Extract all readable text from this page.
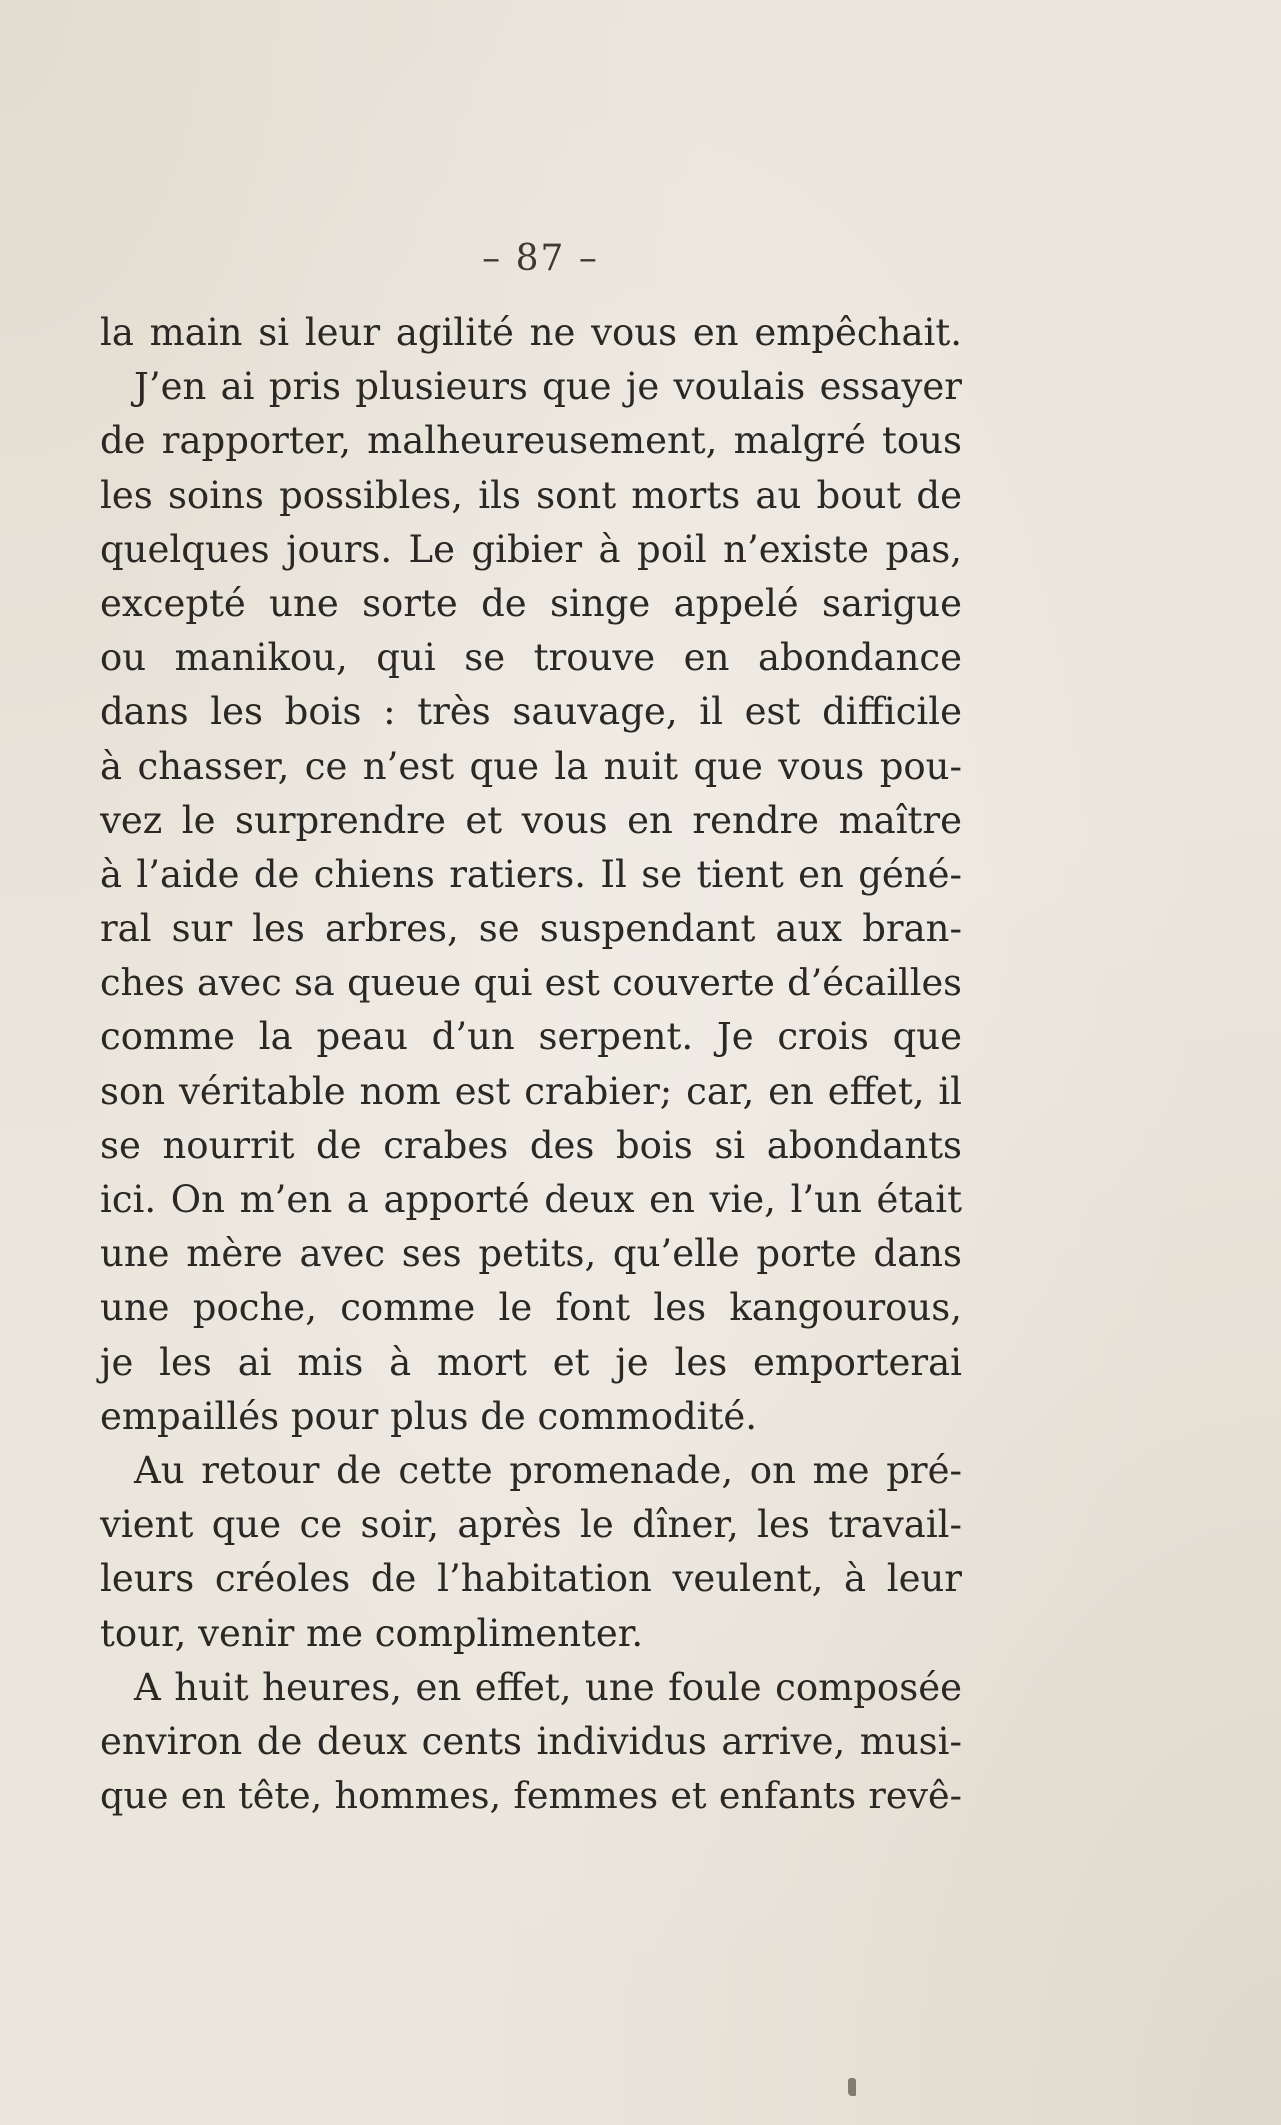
– 87 –
la main si leur agilité ne vous en empêchait.
J’en ai pris plusieurs que je voulais essayer
de rapporter, malheureusement, malgré tous
les soins possibles, ils sont morts au bout de
quelques jours. Le gibier à poil n’existe pas,
excepté une sorte de singe appelé sarigue
ou manikou, qui se trouve en abondance
dans les bois : très sauvage, il est difficile
à chasser, ce n’est que la nuit que vous pou-
vez le surprendre et vous en rendre maître
à l’aide de chiens ratiers. Il se tient en géné-
ral sur les arbres, se suspendant aux bran-
ches avec sa queue qui est couverte d’écailles
comme la peau d’un serpent. Je crois que
son véritable nom est crabier; car, en effet, il
se nourrit de crabes des bois si abondants
ici. On m’en a apporté deux en vie, l’un était
une mère avec ses petits, qu’elle porte dans
une poche, comme le font les kangourous,
je les ai mis à mort et je les emporterai
empaillés pour plus de commodité.
Au retour de cette promenade, on me pré-
vient que ce soir, après le dîner, les travail-
leurs créoles de l’habitation veulent, à leur
tour, venir me complimenter.
A huit heures, en effet, une foule composée
environ de deux cents individus arrive, musi-
que en tête, hommes, femmes et enfants revê-
